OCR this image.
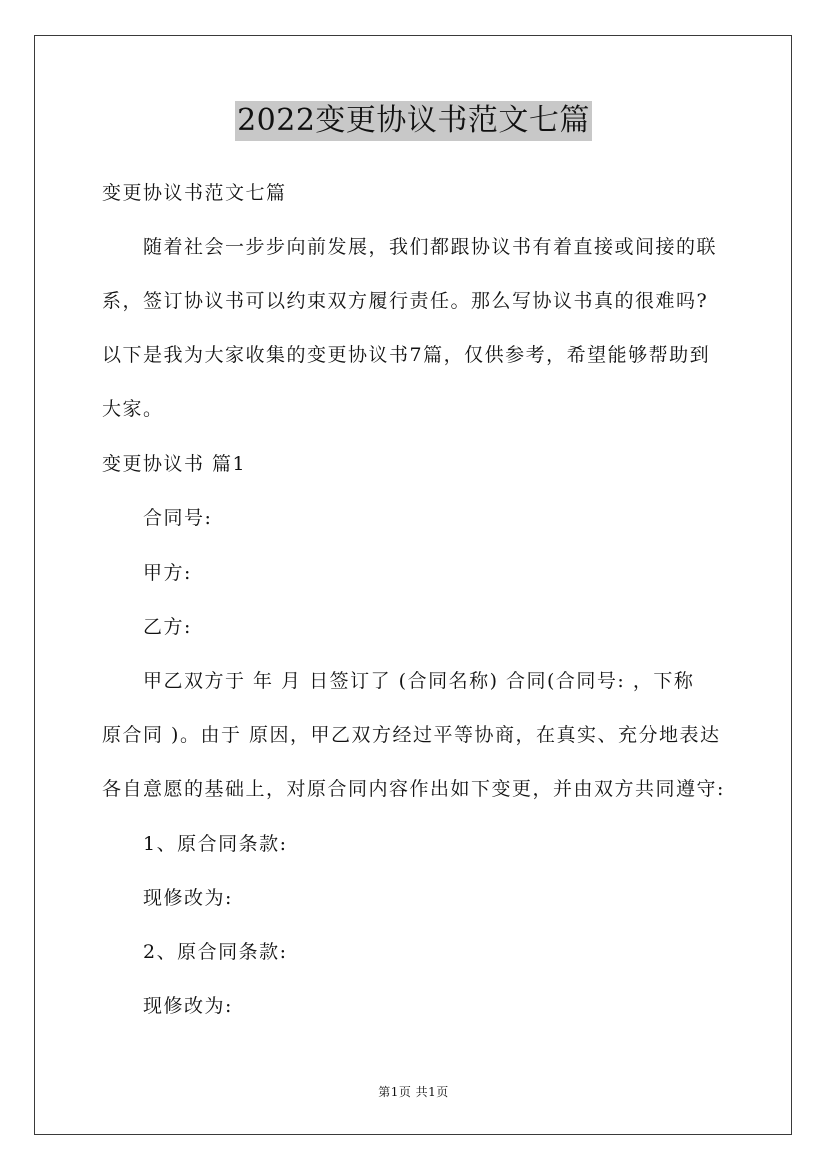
2022变更协议书范文七篇
变更协议书范文七篇
随着社会一步步向前发展，我们都跟协议书有着直接或间接的联
系，签订协议书可以约束双方履行责任。那么写协议书真的很难吗?
以下是我为大家收集的变更协议书7篇，仅供参考，希望能够帮助到
大家。
变更协议书 篇1
合同号:
甲方:
乙方:
甲乙双方于 年 月 日签订了 (合同名称) 合同(合同号: ，下称
原合同 )。由于 原因，甲乙双方经过平等协商，在真实、充分地表达
各自意愿的基础上，对原合同内容作出如下变更，并由双方共同遵守:
1、原合同条款:
现修改为:
2、原合同条款:
现修改为:
第1页 共1页
